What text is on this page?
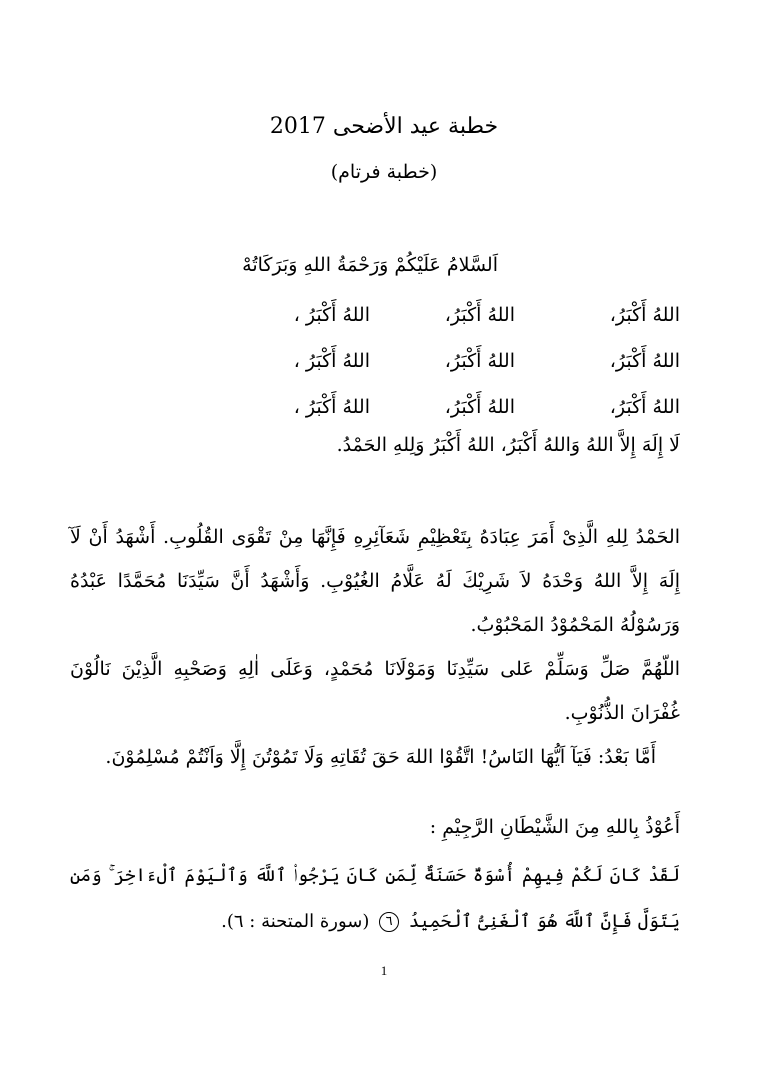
خطبة عيد الأضحى 2017
(خطبة فرتام)
اَلسَّلامُ عَلَيْكُمْ وَرَحْمَةُ اللهِ وَبَرَكَاتُهْ
اللهُ أَكْبَرُ،
اللهُ أَكْبَرُ،
اللهُ أَكْبَرُ ،
اللهُ أَكْبَرُ،
اللهُ أَكْبَرُ،
اللهُ أَكْبَرُ ،
اللهُ أَكْبَرُ،
اللهُ أَكْبَرُ،
اللهُ أَكْبَرُ ،
لَا إِلَهَ إِلاَّ اللهُ وَاللهُ أَكْبَرُ، اللهُ أَكْبَرُ وَلِلهِ الحَمْدُ.

الحَمْدُ لِلهِ الَّذِىْ أَمَرَ عِبَادَهُ بِتَعْظِيْمِ شَعَآئِرِهِ فَإِنَّهَا مِنْ تَقْوَى القُلُوبِ. أَشْهَدُ أَنْ لَآ إِلَهَ إِلاَّ اللهُ وَحْدَهُ لاَ شَرِيْكَ لَهُ عَلَّامُ الغُيُوْبِ. وَأَشْهَدُ أَنَّ سَيِّدَنَا مُحَمَّدًا عَبْدُهُ وَرَسُوْلُهُ المَحْمُوْدُ المَحْبُوْبُ.

اللّهُمَّ صَلِّ وَسَلِّمْ عَلى سَيِّدِنَا وَمَوْلَانَا مُحَمْدٍ، وَعَلَى اٰلِهِ وَصَحْبِهِ الَّذِيْنَ نَالُوْنَ غُفْرَانَ الذُّنُوْبِ.

أَمَّا بَعْدُ: فَيَآ اَيُّهَا النَاسُ! اتَّقُوْا اللهَ حَقَ تُقَاتِهِ وَلَا تَمُوْتُنَ إِلَّا وَاَنْتُمْ مُسْلِمُوْنَ.

أَعُوْذُ بِاللهِ مِنَ الشَّيْطَانِ الرَّجِيْمِ :
لَقَدْ كَانَ لَكُمْ فِيهِمْ أُسْوَةٌ حَسَنَةٌ لِّمَن كَانَ يَرْجُوا۟ ٱللَّهَ وَٱلْيَوْمَ ٱلْءَاخِرَ ۚ وَمَن يَتَوَلَّ فَإِنَّ ٱللَّهَ هُوَ ٱلْغَنِىُّ ٱلْحَمِيدُ ٦ (سورة المتحنة : ٦).
1
